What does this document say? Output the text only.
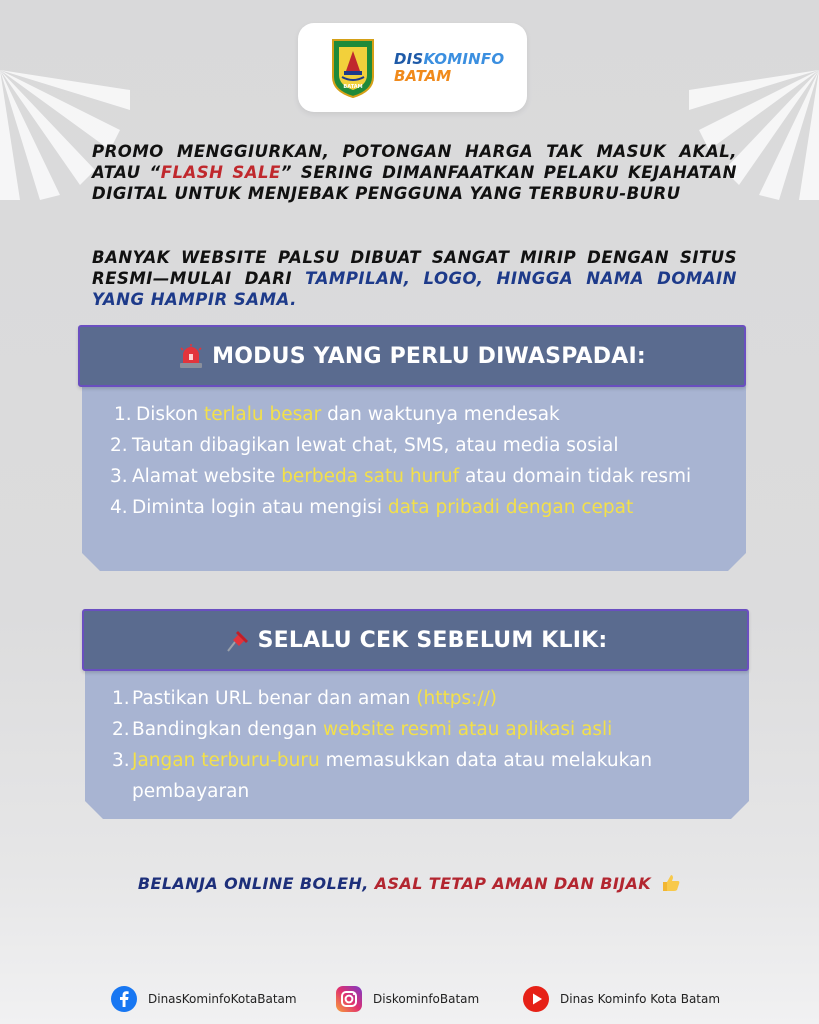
BATAM
DISKOMINFO
BATAM

PROMO MENGGIURKAN, POTONGAN HARGA TAK MASUK AKAL, ATAU “FLASH SALE” SERING DIMANFAATKAN PELAKU KEJAHATAN DIGITAL UNTUK MENJEBAK PENGGUNA YANG TERBURU-BURU

BANYAK WEBSITE PALSU DIBUAT SANGAT MIRIP DENGAN SITUS RESMI—MULAI DARI TAMPILAN, LOGO, HINGGA NAMA DOMAIN YANG HAMPIR SAMA.

MODUS YANG PERLU DIWASPADAI:
1. Diskon terlalu besar dan waktunya mendesak
2. Tautan dibagikan lewat chat, SMS, atau media sosial
3. Alamat website berbeda satu huruf atau domain tidak resmi
4. Diminta login atau mengisi data pribadi dengan cepat
SELALU CEK SEBELUM KLIK:
1. Pastikan URL benar dan aman (https://)
2. Bandingkan dengan website resmi atau aplikasi asli
3. Jangan terburu-buru memasukkan data atau melakukan pembayaran
BELANJA ONLINE BOLEH, ASAL TETAP AMAN DAN BIJAK
DinasKominfoKotaBatam	DiskominfoBatam	Dinas Kominfo Kota Batam
